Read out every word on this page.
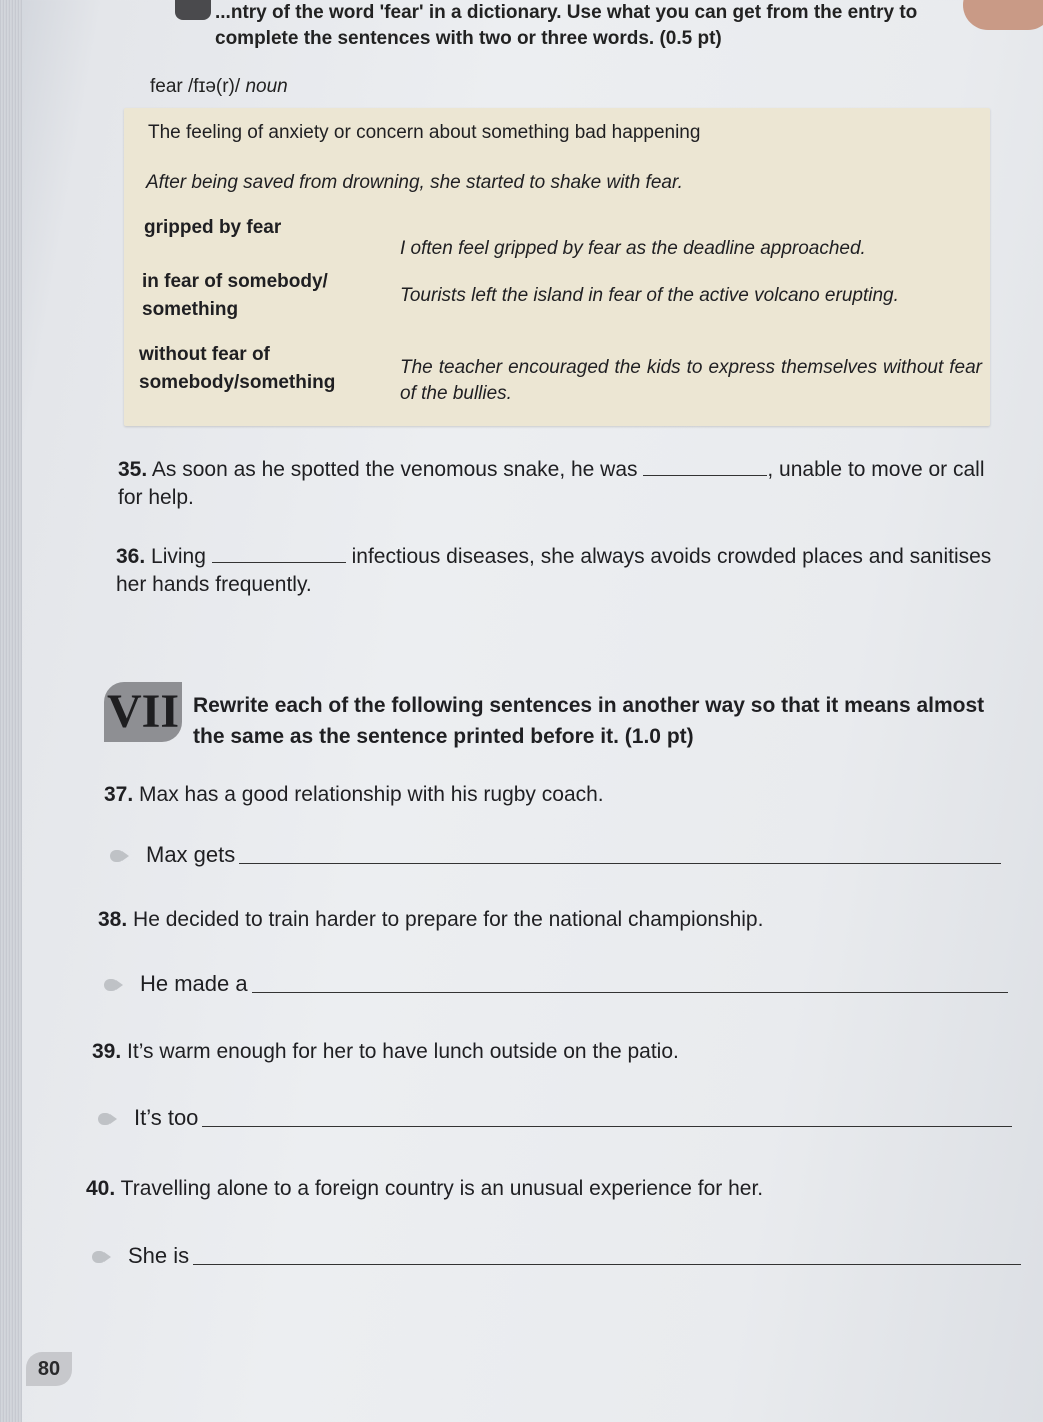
...ntry of the word 'fear' in a dictionary. Use what you can get from the entry to complete the sentences with two or three words. (0.5 pt)
fear /fɪə(r)/ noun
The feeling of anxiety or concern about something bad happening
After being saved from drowning, she started to shake with fear.
gripped by fear
I often feel gripped by fear as the deadline approached.
in fear of somebody/ something
Tourists left the island in fear of the active volcano erupting.
without fear of somebody/something
The teacher encouraged the kids to express themselves without fear of the bullies.
35. As soon as he spotted the venomous snake, he was	, unable to move or call for help.
36. Living	infectious diseases, she always avoids crowded places and sanitises her hands frequently.
VII Rewrite each of the following sentences in another way so that it means almost the same as the sentence printed before it. (1.0 pt)
37. Max has a good relationship with his rugby coach.
Max gets
38. He decided to train harder to prepare for the national championship.
He made a
39. It’s warm enough for her to have lunch outside on the patio.
It’s too
40. Travelling alone to a foreign country is an unusual experience for her.
She is
80
